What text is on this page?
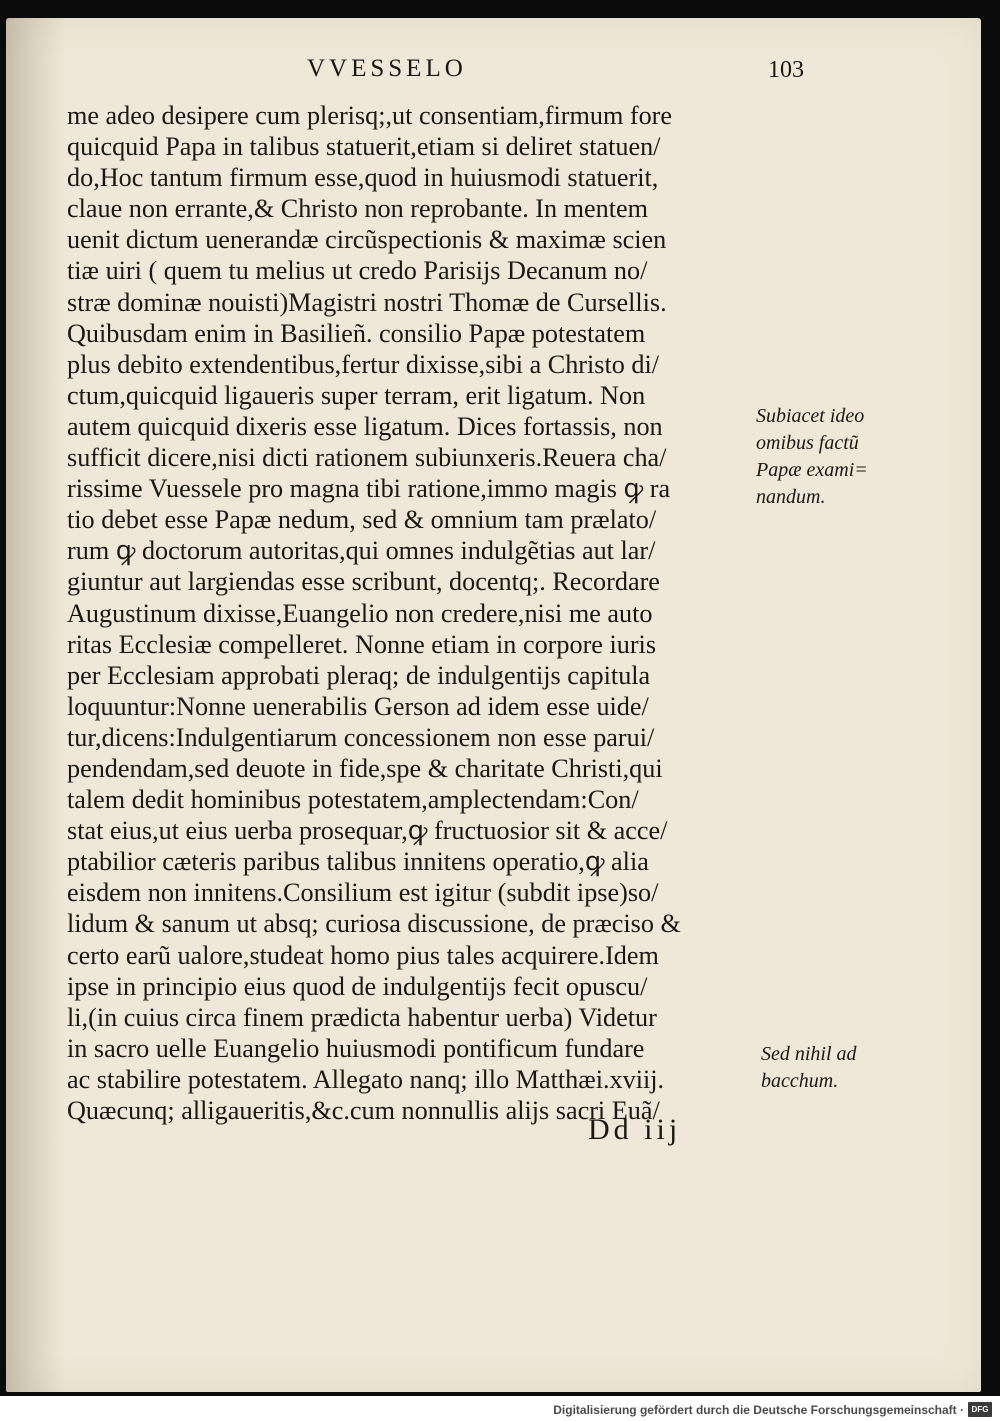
VVESSELO	103
me adeo desipere cum plerisq;,ut consentiam,firmum fore
quicquid Papa in talibus statuerit,etiam si deliret statuen/
do,Hoc tantum firmum esse,quod in huiusmodi statuerit,
claue non errante,& Christo non reprobante. In mentem
uenit dictum uenerandæ circũspectionis & maximæ scien
tiæ uiri ( quem tu melius ut credo Parisijs Decanum no/
stræ dominæ nouisti)Magistri nostri Thomæ de Cursellis.
Quibusdam enim in Basilieñ. consilio Papæ potestatem
plus debito extendentibus,fertur dixisse,sibi a Christo di/
ctum,quicquid ligaueris super terram, erit ligatum. Non
autem quicquid dixeris esse ligatum. Dices fortassis, non
sufficit dicere,nisi dicti rationem subiunxeris.Reuera cha/
rissime Vuessele pro magna tibi ratione,immo magis ꝙ ra
tio debet esse Papæ nedum, sed & omnium tam prælato/
rum ꝙ doctorum autoritas,qui omnes indulgẽtias aut lar/
giuntur aut largiendas esse scribunt, docentq;. Recordare
Augustinum dixisse,Euangelio non credere,nisi me auto
ritas Ecclesiæ compelleret. Nonne etiam in corpore iuris
per Ecclesiam approbati pleraq; de indulgentijs capitula
loquuntur:Nonne uenerabilis Gerson ad idem esse uide/
tur,dicens:Indulgentiarum concessionem non esse parui/
pendendam,sed deuote in fide,spe & charitate Christi,qui
talem dedit hominibus potestatem,amplectendam:Con/
stat eius,ut eius uerba prosequar,ꝙ fructuosior sit & acce/
ptabilior cæteris paribus talibus innitens operatio,ꝙ alia
eisdem non innitens.Consilium est igitur (subdit ipse)so/
lidum & sanum ut absq; curiosa discussione, de præciso &
certo earũ ualore,studeat homo pius tales acquirere.Idem
ipse in principio eius quod de indulgentijs fecit opuscu/
li,(in cuius circa finem prædicta habentur uerba) Videtur
in sacro uelle Euangelio huiusmodi pontificum fundare
ac stabilire potestatem. Allegato nanq; illo Matthæi.xviij.
Quæcunq; alligaueritis,&c.cum nonnullis alijs sacri Euã/
Dd iij
Subiacet ideo
omibus factũ
Papæ exami=
nandum.
Sed nihil ad
bacchum.
Digitalisierung gefördert durch die Deutsche Forschungsgemeinschaft · DFG
